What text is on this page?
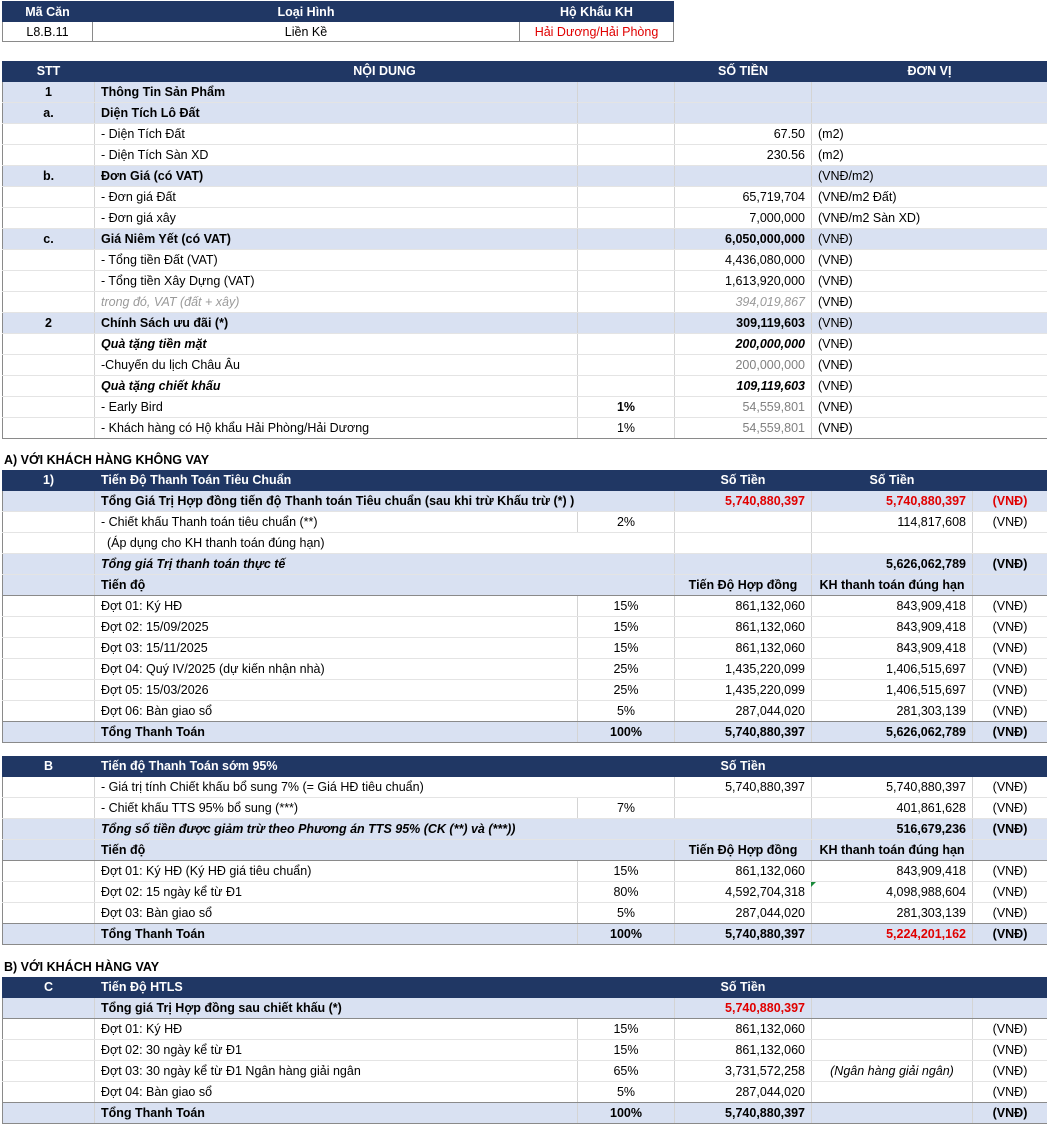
Mã Căn	Loại Hình	Hộ Khẩu KH
L8.B.11	Liền Kề	Hải Dương/Hải Phòng
STT	NỘI DUNG		SỐ TIỀN	ĐƠN VỊ
1	Thông Tin Sản Phẩm			
a.	Diện Tích Lô Đất			
	- Diện Tích Đất		67.50	(m2)
	- Diện Tích Sàn XD		230.56	(m2)
b.	Đơn Giá (có VAT)			(VNĐ/m2)
	- Đơn giá Đất		65,719,704	(VNĐ/m2 Đất)
	- Đơn giá xây		7,000,000	(VNĐ/m2 Sàn XD)
c.	Giá Niêm Yết (có VAT)		6,050,000,000	(VNĐ)
	- Tổng tiền Đất (VAT)		4,436,080,000	(VNĐ)
	- Tổng tiền Xây Dựng (VAT)		1,613,920,000	(VNĐ)
	trong đó, VAT (đất + xây)		394,019,867	(VNĐ)
2	Chính Sách ưu đãi (*)		309,119,603	(VNĐ)
	Quà tặng tiền mặt		200,000,000	(VNĐ)
	-Chuyến du lịch Châu Âu		200,000,000	(VNĐ)
	Quà tặng chiết khấu		109,119,603	(VNĐ)
	- Early Bird	1%	54,559,801	(VNĐ)
	- Khách hàng có Hộ khẩu Hải Phòng/Hải Dương	1%	54,559,801	(VNĐ)
A) VỚI KHÁCH HÀNG KHÔNG VAY
1)	Tiến Độ Thanh Toán Tiêu Chuẩn		Số Tiền	Số Tiền	
	Tổng Giá Trị Hợp đồng tiến độ Thanh toán Tiêu chuẩn (sau khi trừ Khấu trừ (*) )		5,740,880,397	5,740,880,397	(VNĐ)
	- Chiết khấu Thanh toán tiêu chuẩn (**)	2%		114,817,608	(VNĐ)
	(Áp dụng cho KH thanh toán đúng hạn)				
	Tổng giá Trị thanh toán thực tế			5,626,062,789	(VNĐ)
	Tiến độ		Tiến Độ Hợp đồng	KH thanh toán đúng hạn	
	Đợt 01: Ký HĐ	15%	861,132,060	843,909,418	(VNĐ)
	Đợt 02: 15/09/2025	15%	861,132,060	843,909,418	(VNĐ)
	Đợt 03: 15/11/2025	15%	861,132,060	843,909,418	(VNĐ)
	Đợt 04: Quý IV/2025 (dự kiến nhận nhà)	25%	1,435,220,099	1,406,515,697	(VNĐ)
	Đợt 05: 15/03/2026	25%	1,435,220,099	1,406,515,697	(VNĐ)
	Đợt 06: Bàn giao sổ	5%	287,044,020	281,303,139	(VNĐ)
	Tổng Thanh Toán	100%	5,740,880,397	5,626,062,789	(VNĐ)
B	Tiến độ Thanh Toán sớm 95%		Số Tiền		
	- Giá trị tính Chiết khấu bổ sung 7% (= Giá HĐ tiêu chuẩn)		5,740,880,397	5,740,880,397	(VNĐ)
	- Chiết khấu TTS 95% bổ sung (***)	7%		401,861,628	(VNĐ)
	Tổng số tiền được giảm trừ theo Phương án TTS 95% (CK (**) và (***))			516,679,236	(VNĐ)
	Tiến độ		Tiến Độ Hợp đồng	KH thanh toán đúng hạn	
	Đợt 01: Ký HĐ (Ký HĐ giá tiêu chuẩn)	15%	861,132,060	843,909,418	(VNĐ)
	Đợt 02: 15 ngày kể từ Đ1	80%	4,592,704,318	4,098,988,604	(VNĐ)
	Đợt 03: Bàn giao sổ	5%	287,044,020	281,303,139	(VNĐ)
	Tổng Thanh Toán	100%	5,740,880,397	5,224,201,162	(VNĐ)
B) VỚI KHÁCH HÀNG VAY
C	Tiến Độ HTLS		Số Tiền		
	Tổng giá Trị Hợp đồng sau chiết khấu (*)		5,740,880,397		
	Đợt 01: Ký HĐ	15%	861,132,060		(VNĐ)
	Đợt 02: 30 ngày kể từ Đ1	15%	861,132,060		(VNĐ)
	Đợt 03: 30 ngày kể từ Đ1 Ngân hàng giải ngân	65%	3,731,572,258	(Ngân hàng giải ngân)	(VNĐ)
	Đợt 04: Bàn giao sổ	5%	287,044,020		(VNĐ)
	Tổng Thanh Toán	100%	5,740,880,397		(VNĐ)
